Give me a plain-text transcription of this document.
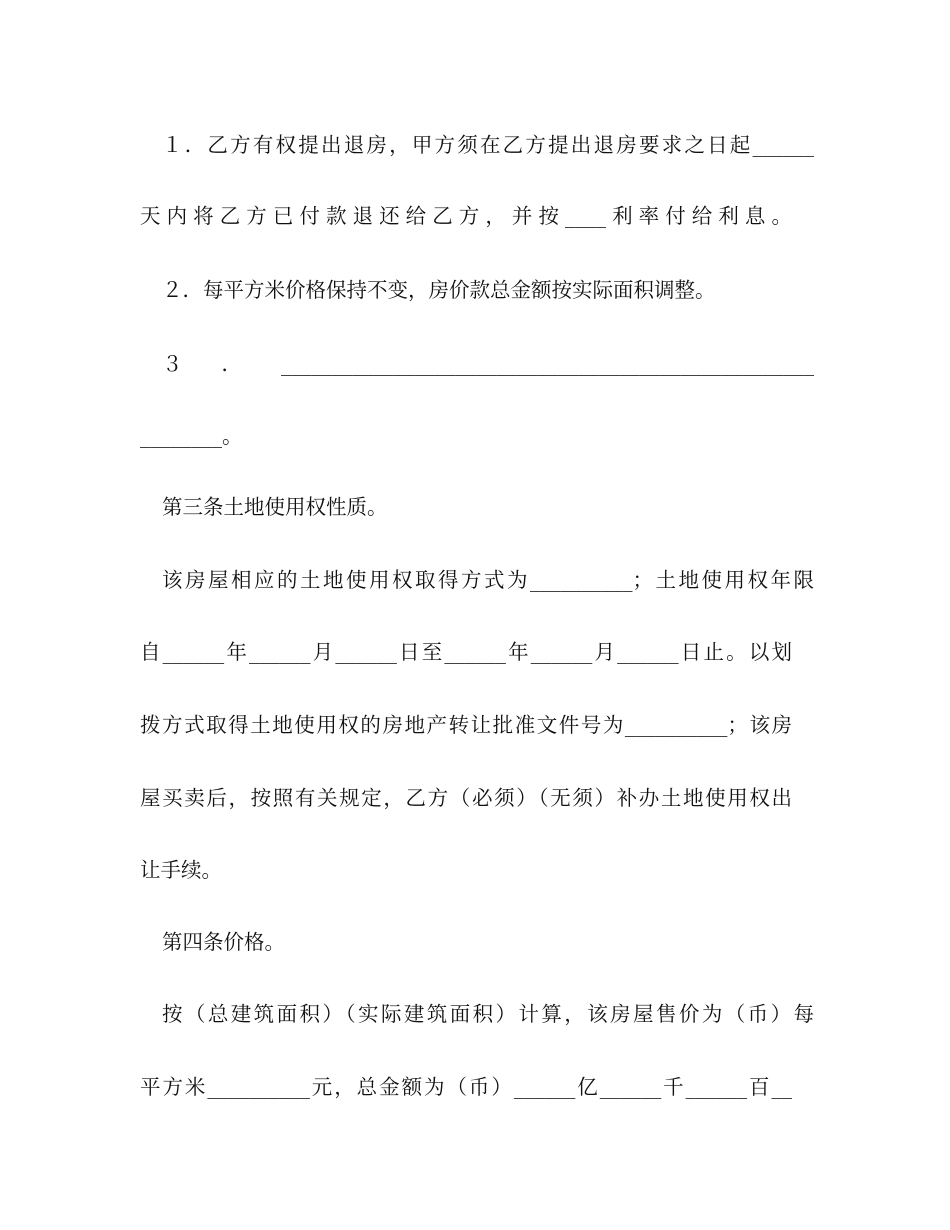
１．乙方有权提出退房，甲方须在乙方提出退房要求之日起______
天内将乙方已付款退还给乙方，并按____利率付给利息。
２．每平方米价格保持不变，房价款总金额按实际面积调整。
３．____________________________________________________
________。
第三条土地使用权性质。
该房屋相应的土地使用权取得方式为__________；土地使用权年限
自______年______月______日至______年______月______日止。以划
拨方式取得土地使用权的房地产转让批准文件号为__________；该房
屋买卖后，按照有关规定，乙方（必须）（无须）补办土地使用权出
让手续。
第四条价格。
按（总建筑面积）（实际建筑面积）计算，该房屋售价为（币）每
平方米__________元，总金额为（币）______亿______千______百__
